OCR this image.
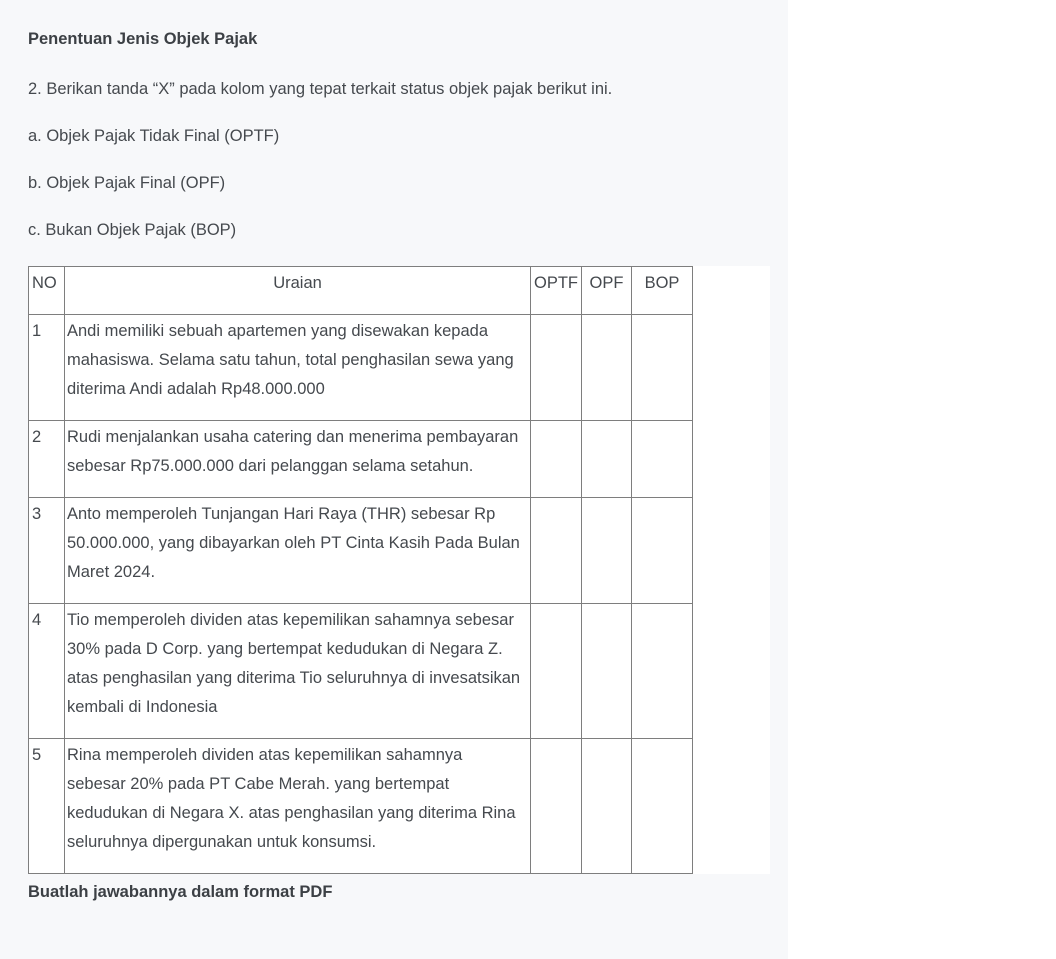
Penentuan Jenis Objek Pajak

2. Berikan tanda “X” pada kolom yang tepat terkait status objek pajak berikut ini.

a. Objek Pajak Tidak Final (OPTF)

b. Objek Pajak Final (OPF)

c. Bukan Objek Pajak (BOP)

NO	Uraian	OPTF	OPF	BOP
1	Andi memiliki sebuah apartemen yang disewakan kepada mahasiswa. Selama satu tahun, total penghasilan sewa yang diterima Andi adalah Rp48.000.000			
2	Rudi menjalankan usaha catering dan menerima pembayaran sebesar Rp75.000.000 dari pelanggan selama setahun.			
3	Anto memperoleh Tunjangan Hari Raya (THR) sebesar Rp 50.000.000, yang dibayarkan oleh PT Cinta Kasih Pada Bulan Maret 2024.			
4	Tio memperoleh dividen atas kepemilikan sahamnya sebesar 30% pada D Corp. yang bertempat kedudukan di Negara Z. atas penghasilan yang diterima Tio seluruhnya di invesatsikan kembali di Indonesia			
5	Rina memperoleh dividen atas kepemilikan sahamnya sebesar 20% pada PT Cabe Merah. yang bertempat kedudukan di Negara X. atas penghasilan yang diterima Rina seluruhnya dipergunakan untuk konsumsi.			

Buatlah jawabannya dalam format PDF
